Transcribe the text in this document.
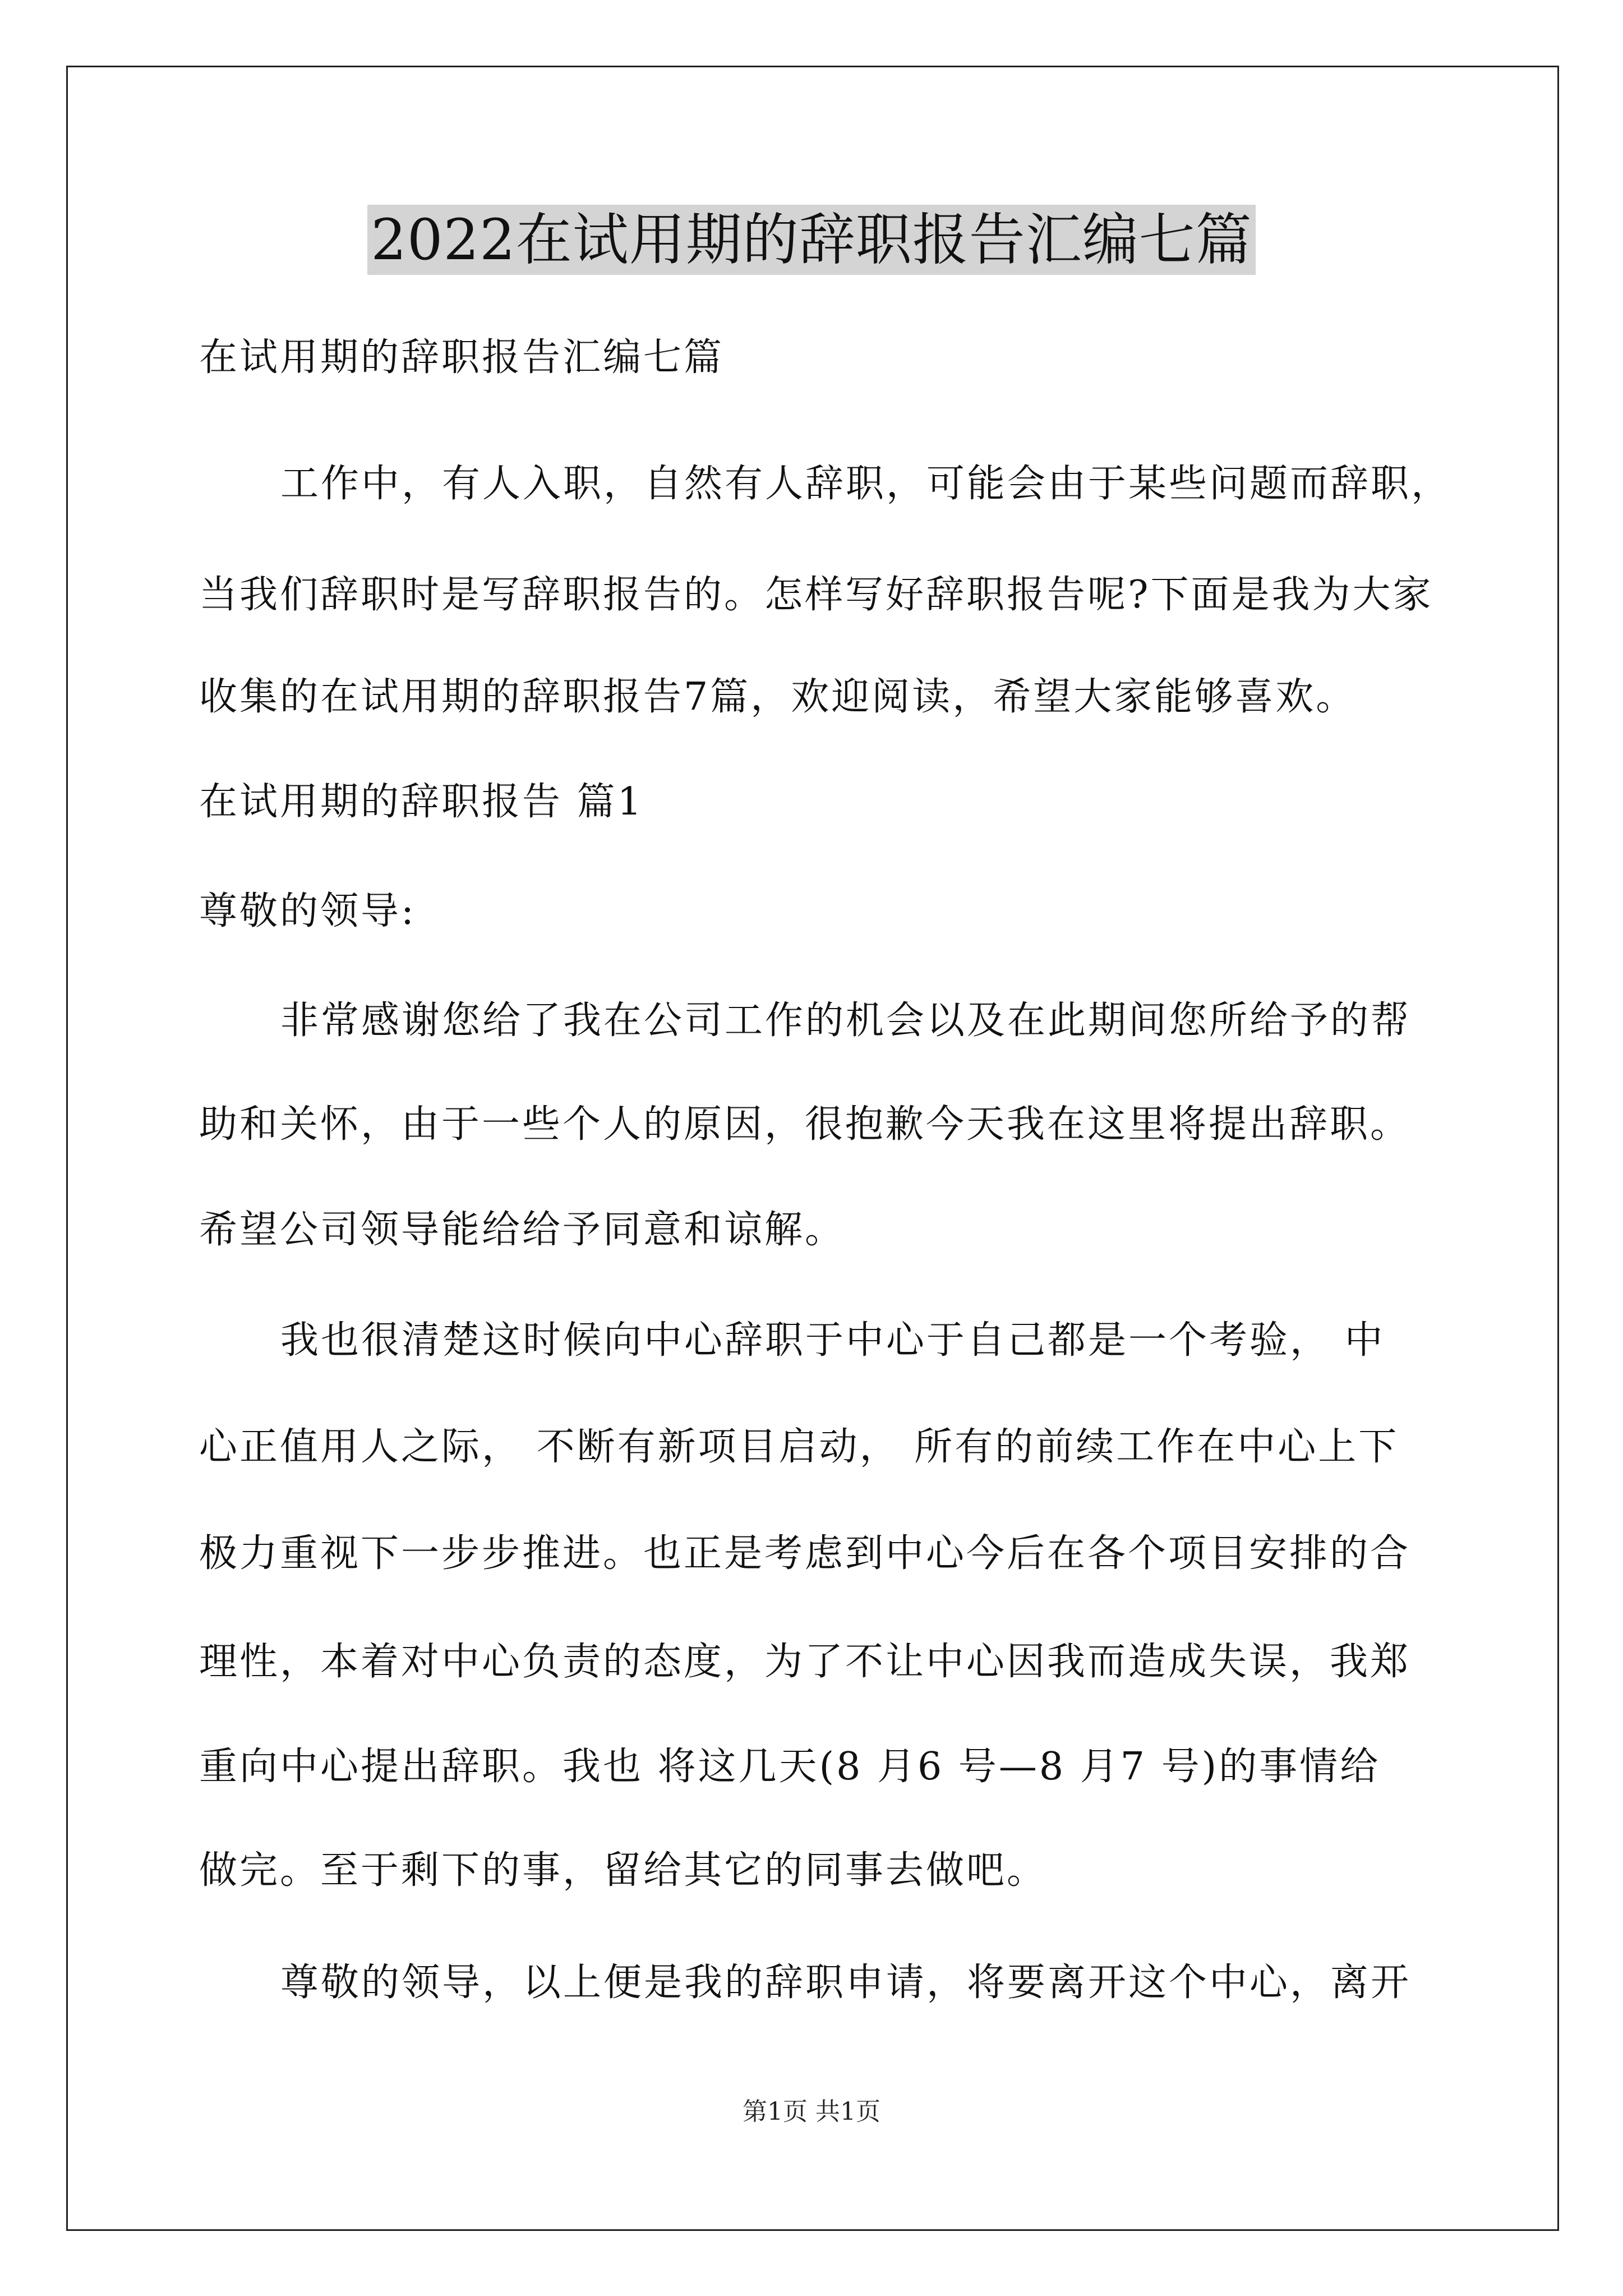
2022在试用期的辞职报告汇编七篇
在试用期的辞职报告汇编七篇
工作中，有人入职，自然有人辞职，可能会由于某些问题而辞职，
当我们辞职时是写辞职报告的。怎样写好辞职报告呢?下面是我为大家
收集的在试用期的辞职报告7篇，欢迎阅读，希望大家能够喜欢。
在试用期的辞职报告 篇1
尊敬的领导:
非常感谢您给了我在公司工作的机会以及在此期间您所给予的帮
助和关怀，由于一些个人的原因，很抱歉今天我在这里将提出辞职。
希望公司领导能给给予同意和谅解。
我也很清楚这时候向中心辞职于中心于自己都是一个考验， 中
心正值用人之际， 不断有新项目启动， 所有的前续工作在中心上下
极力重视下一步步推进。也正是考虑到中心今后在各个项目安排的合
理性，本着对中心负责的态度，为了不让中心因我而造成失误，我郑
重向中心提出辞职。我也 将这几天(8 月6 号—8 月7 号)的事情给
做完。至于剩下的事，留给其它的同事去做吧。
尊敬的领导，以上便是我的辞职申请，将要离开这个中心，离开
第1页 共1页
